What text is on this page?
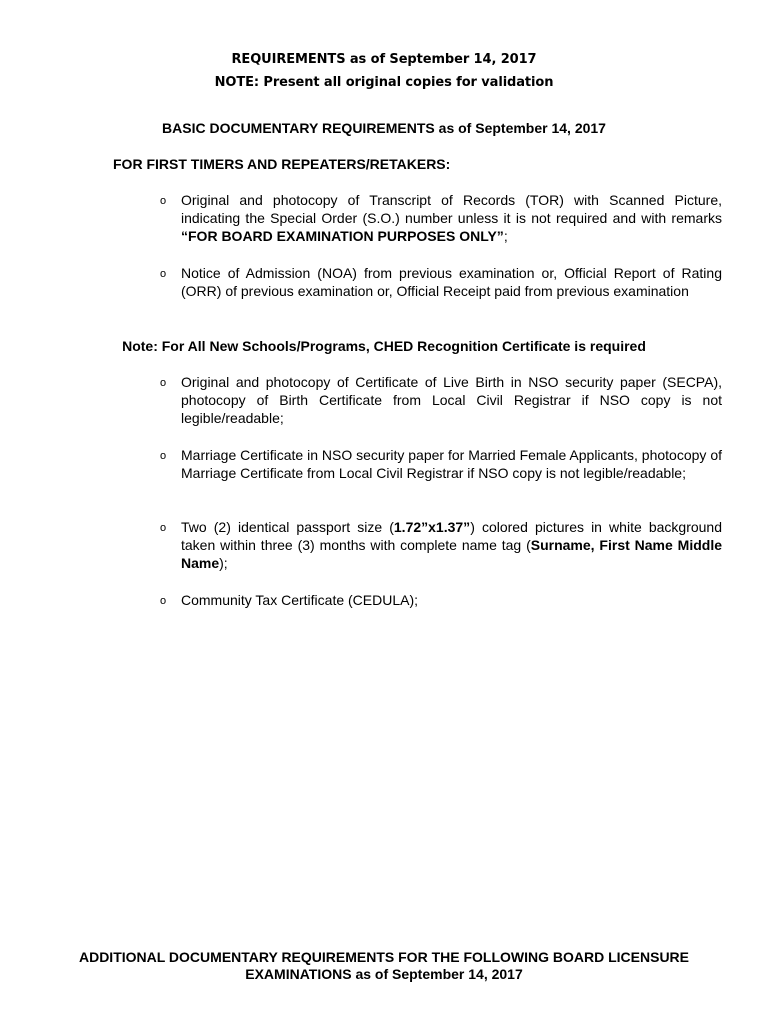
REQUIREMENTS as of September 14, 2017
NOTE: Present all original copies for validation
BASIC DOCUMENTARY REQUIREMENTS as of September 14, 2017
FOR FIRST TIMERS AND REPEATERS/RETAKERS:
o Original and photocopy of Transcript of Records (TOR) with Scanned Picture, indicating the Special Order (S.O.) number unless it is not required and with remarks “FOR BOARD EXAMINATION PURPOSES ONLY”;
o Notice of Admission (NOA) from previous examination or, Official Report of Rating (ORR) of previous examination or, Official Receipt paid from previous examination
Note: For All New Schools/Programs, CHED Recognition Certificate is required
o Original and photocopy of Certificate of Live Birth in NSO security paper (SECPA), photocopy of Birth Certificate from Local Civil Registrar if NSO copy is not legible/readable;
o Marriage Certificate in NSO security paper for Married Female Applicants, photocopy of Marriage Certificate from Local Civil Registrar if NSO copy is not legible/readable;
o Two (2) identical passport size (1.72”x1.37”) colored pictures in white background taken within three (3) months with complete name tag (Surname, First Name Middle Name);
o Community Tax Certificate (CEDULA);
ADDITIONAL DOCUMENTARY REQUIREMENTS FOR THE FOLLOWING BOARD LICENSURE EXAMINATIONS as of September 14, 2017
